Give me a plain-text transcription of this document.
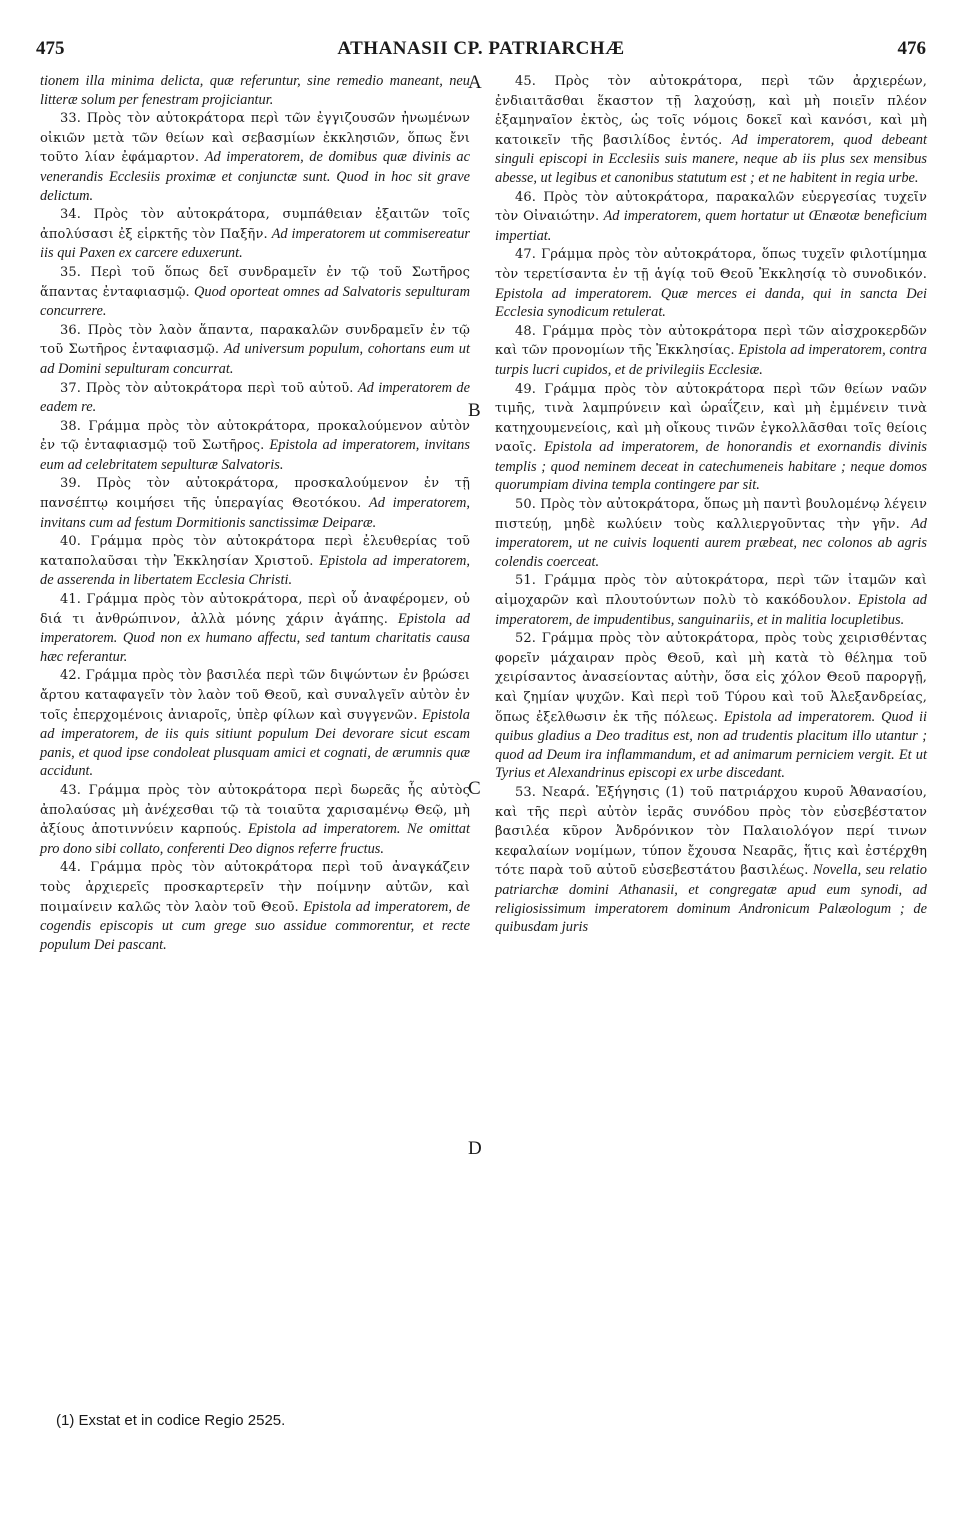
475	ATHANASII CP. PATRIARCHÆ	476
A
B
C
D

tionem illa minima delicta, quæ referuntur, sine remedio maneant, neu litteræ solum per fenestram projiciantur.

33. Πρὸς τὸν αὐτοκράτορα περὶ τῶν ἐγγιζουσῶν ἠνωμένων οἰκιῶν μετὰ τῶν θείων καὶ σεβασμίων ἐκκλησιῶν, ὅπως ἔνι τοῦτο λίαν ἐφάμαρτον. Ad imperatorem, de domibus quæ divinis ac venerandis Ecclesiis proximæ et conjunctæ sunt. Quod in hoc sit grave delictum.

34. Πρὸς τὸν αὐτοκράτορα, συμπάθειαν ἐξαιτῶν τοῖς ἀπολύσασι ἐξ εἱρκτῆς τὸν Παξῆν. Ad imperatorem ut commisereatur iis qui Paxen ex carcere eduxerunt.

35. Περὶ τοῦ ὅπως δεῖ συνδραμεῖν ἐν τῷ τοῦ Σωτῆρος ἅπαντας ἐνταφιασμῷ. Quod oporteat omnes ad Salvatoris sepulturam concurrere.

36. Πρὸς τὸν λαὸν ἅπαντα, παρακαλῶν συνδραμεῖν ἐν τῷ τοῦ Σωτῆρος ἐνταφιασμῷ. Ad universum populum, cohortans eum ut ad Domini sepulturam concurrat.

37. Πρὸς τὸν αὐτοκράτορα περὶ τοῦ αὐτοῦ. Ad imperatorem de eadem re.

38. Γράμμα πρὸς τὸν αὐτοκράτορα, προκαλούμενον αὐτὸν ἐν τῷ ἐνταφιασμῷ τοῦ Σωτῆρος. Epistola ad imperatorem, invitans eum ad celebritatem sepulturæ Salvatoris.

39. Πρὸς τὸν αὐτοκράτορα, προσκαλούμενον ἐν τῇ πανσέπτῳ κοιμήσει τῆς ὑπεραγίας Θεοτόκου. Ad imperatorem, invitans cum ad festum Dormitionis sanctissimæ Deiparæ.

40. Γράμμα πρὸς τὸν αὐτοκράτορα περὶ ἐλευθερίας τοῦ καταπολαῦσαι τὴν Ἐκκλησίαν Χριστοῦ. Epistola ad imperatorem, de asserenda in libertatem Ecclesia Christi.

41. Γράμμα πρὸς τὸν αὐτοκράτορα, περὶ οὗ ἀναφέρομεν, οὐ διά τι ἀνθρώπινον, ἀλλὰ μόνης χάριν ἀγάπης. Epistola ad imperatorem. Quod non ex humano affectu, sed tantum charitatis causa hæc referantur.

42. Γράμμα πρὸς τὸν βασιλέα περὶ τῶν διψώντων ἐν βρώσει ἄρτου καταφαγεῖν τὸν λαὸν τοῦ Θεοῦ, καὶ συναλγεῖν αὐτὸν ἐν τοῖς ἐπερχομένοις ἀνιαροῖς, ὑπὲρ φίλων καὶ συγγενῶν. Epistola ad imperatorem, de iis quis sitiunt populum Dei devorare sicut escam panis, et quod ipse condoleat plusquam amici et cognati, de ærumnis quæ accidunt.

43. Γράμμα πρὸς τὸν αὐτοκράτορα περὶ δωρεᾶς ἧς αὐτὸς ἀπολαύσας μὴ ἀνέχεσθαι τῷ τὰ τοιαῦτα χαρισαμένῳ Θεῷ, μὴ ἀξίους ἀποτιννύειν καρπούς. Epistola ad imperatorem. Ne omittat pro dono sibi collato, conferenti Deo dignos referre fructus.

44. Γράμμα πρὸς τὸν αὐτοκράτορα περὶ τοῦ ἀναγκάζειν τοὺς ἀρχιερεῖς προσκαρτερεῖν τὴν ποίμνην αὐτῶν, καὶ ποιμαίνειν καλῶς τὸν λαὸν τοῦ Θεοῦ. Epistola ad imperatorem, de cogendis episcopis ut cum grege suo assidue commorentur, et recte populum Dei pascant.

45. Πρὸς τὸν αὐτοκράτορα, περὶ τῶν ἀρχιερέων, ἐνδιαιτᾶσθαι ἕκαστον τῇ λαχούσῃ, καὶ μὴ ποιεῖν πλέον ἑξαμηναῖον ἐκτὸς, ὡς τοῖς νόμοις δοκεῖ καὶ κανόσι, καὶ μὴ κατοικεῖν τῆς βασιλίδος ἐντός. Ad imperatorem, quod debeant singuli episcopi in Ecclesiis suis manere, neque ab iis plus sex mensibus abesse, ut legibus et canonibus statutum est ; et ne habitent in regia urbe.

46. Πρὸς τὸν αὐτοκράτορα, παρακαλῶν εὐεργεσίας τυχεῖν τὸν Οἰναιώτην. Ad imperatorem, quem hortatur ut Œnæotæ beneficium impertiat.

47. Γράμμα πρὸς τὸν αὐτοκράτορα, ὅπως τυχεῖν φιλοτίμημα τὸν τερετίσαντα ἐν τῇ ἁγίᾳ τοῦ Θεοῦ Ἐκκλησίᾳ τὸ συνοδικόν. Epistola ad imperatorem. Quæ merces ei danda, qui in sancta Dei Ecclesia synodicum retulerat.

48. Γράμμα πρὸς τὸν αὐτοκράτορα περὶ τῶν αἰσχροκερδῶν καὶ τῶν προνομίων τῆς Ἐκκλησίας. Epistola ad imperatorem, contra turpis lucri cupidos, et de privilegiis Ecclesiæ.

49. Γράμμα πρὸς τὸν αὐτοκράτορα περὶ τῶν θείων ναῶν τιμῆς, τινὰ λαμπρύνειν καὶ ὡραΐζειν, καὶ μὴ ἐμμένειν τινὰ κατηχουμενείοις, καὶ μὴ οἴκους τινῶν ἐγκολλᾶσθαι τοῖς θείοις ναοῖς. Epistola ad imperatorem, de honorandis et exornandis divinis templis ; quod neminem deceat in catechumeneis habitare ; neque domos quorumpiam divina templa contingere par sit.

50. Πρὸς τὸν αὐτοκράτορα, ὅπως μὴ παντὶ βουλομένῳ λέγειν πιστεύῃ, μηδὲ κωλύειν τοὺς καλλιεργοῦντας τὴν γῆν. Ad imperatorem, ut ne cuivis loquenti aurem præbeat, nec colonos ab agris colendis coerceat.

51. Γράμμα πρὸς τὸν αὐτοκράτορα, περὶ τῶν ἰταμῶν καὶ αἱμοχαρῶν καὶ πλουτούντων πολὺ τὸ κακόδουλον. Epistola ad imperatorem, de impudentibus, sanguinariis, et in malitia locupletibus.

52. Γράμμα πρὸς τὸν αὐτοκράτορα, πρὸς τοὺς χειρισθέντας φορεῖν μάχαιραν πρὸς Θεοῦ, καὶ μὴ κατὰ τὸ θέλημα τοῦ χειρίσαντος ἀνασείοντας αὐτὴν, ὅσα εἰς χόλον Θεοῦ παροργῇ, καὶ ζημίαν ψυχῶν. Καὶ περὶ τοῦ Τύρου καὶ τοῦ Ἀλεξανδρείας, ὅπως ἐξελθωσιν ἐκ τῆς πόλεως. Epistola ad imperatorem. Quod ii quibus gladius a Deo traditus est, non ad trudentis placitum illo utantur ; quod ad Deum ira inflammandum, et ad animarum perniciem vergit. Et ut Tyrius et Alexandrinus episcopi ex urbe discedant.

53. Νεαρά. Ἐξήγησις (1) τοῦ πατριάρχου κυροῦ Ἀθανασίου, καὶ τῆς περὶ αὐτὸν ἱερᾶς συνόδου πρὸς τὸν εὐσεβέστατον βασιλέα κῦρον Ἀνδρόνικον τὸν Παλαιολόγον περί τινων κεφαλαίων νομίμων, τύπον ἔχουσα Νεαρᾶς, ἥτις καὶ ἐστέρχθη τότε παρὰ τοῦ αὐτοῦ εὐσεβεστάτου βασιλέως. Novella, seu relatio patriarchæ domini Athanasii, et congregatæ apud eum synodi, ad religiosissimum imperatorem dominum Andronicum Palæologum ; de quibusdam juris

(1) Exstat et in codice Regio 2525.
